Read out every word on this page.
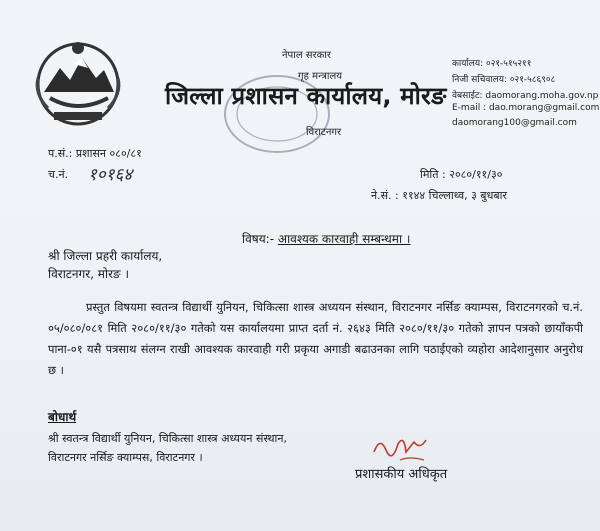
नेपाल सरकार
गृह मन्त्रालय
जिल्ला प्रशासन कार्यालय, मोरङ
विराटनगर
कार्यालय: ०२१-५१५२११
निजी सचिवालय: ०२१-५८६९०८
वेबसाईट: daomorang.moha.gov.np
E-mail : dao.morang@gmail.com
daomorang100@gmail.com
प.सं.: प्रशासन ०८०/८१
च.नं. १०१६४	मिति : २०८०/११/३०
ने.सं. : ११४४ चिल्लाथ्व, ३ बुधबार
विषय:- आवश्यक कारवाही सम्बन्धमा ।
श्री जिल्ला प्रहरी कार्यालय,
विराटनगर, मोरङ ।

प्रस्तुत विषयमा स्वतन्त्र विद्यार्थी युनियन, चिकित्सा शास्त्र अध्ययन संस्थान, विराटनगर नर्सिङ क्याम्पस, विराटनगरको च.नं. ०५/०८०/०८१ मिति २०८०/११/३० गतेको यस कार्यालयमा प्राप्त दर्ता नं. २६४३ मिति २०८०/११/३० गतेको ज्ञापन पत्रको छायाँकपी पाना-०१ यसै पत्रसाथ संलग्न राखी आवश्यक कारवाही गरी प्रकृया अगाडी बढाउनका लागि पठाईएको व्यहोरा आदेशानुसार अनुरोध छ ।

बोधार्थ
श्री स्वतन्त्र विद्यार्थी युनियन, चिकित्सा शास्त्र अध्ययन संस्थान,
विराटनगर नर्सिङ क्याम्पस, विराटनगर ।
प्रशासकीय अधिकृत
